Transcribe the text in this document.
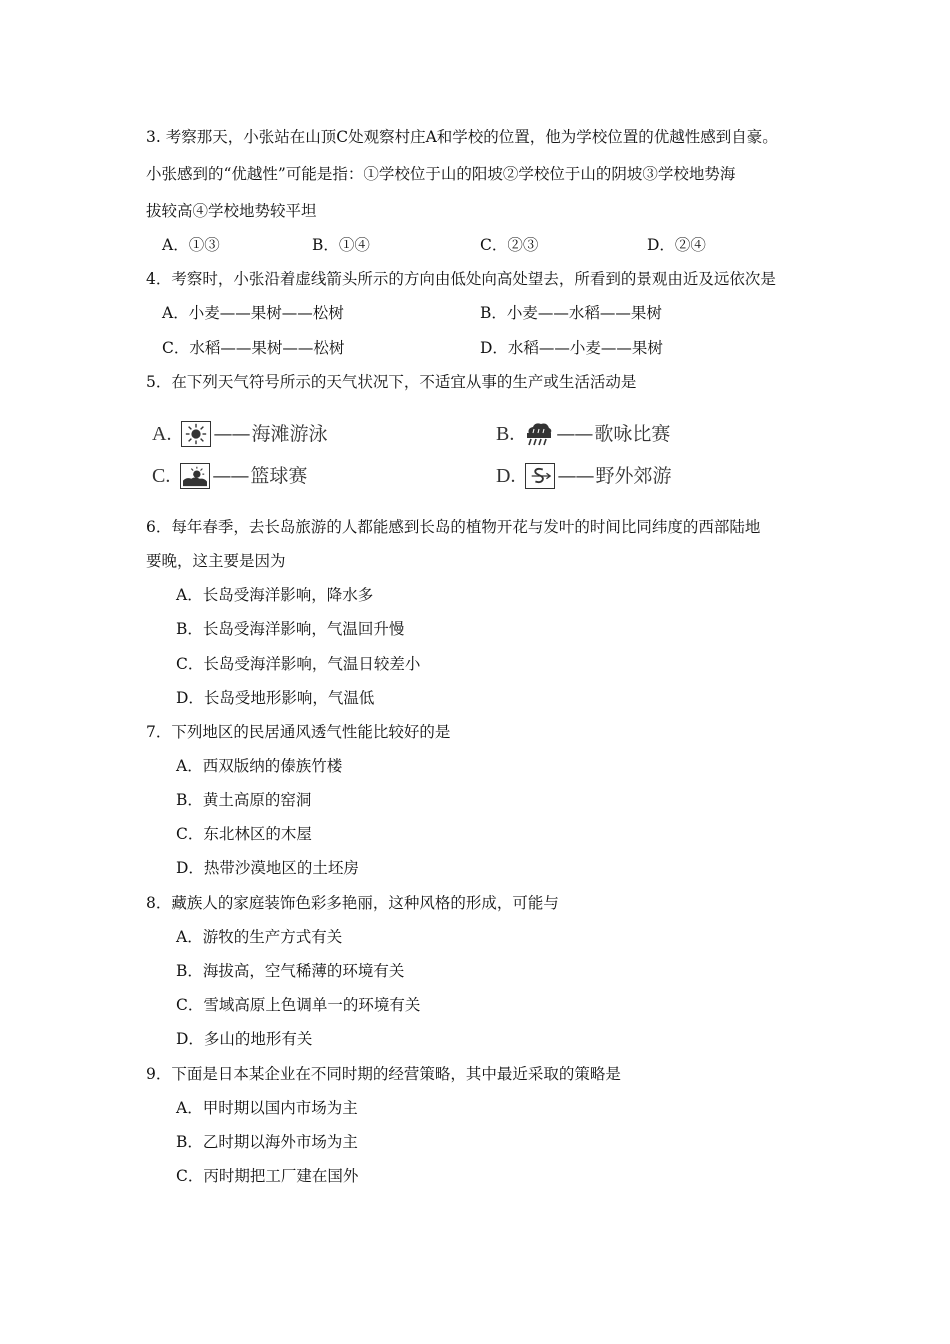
3. 考察那天，小张站在山顶C处观察村庄A和学校的位置，他为学校位置的优越性感到自豪。
小张感到的“优越性”可能是指：①学校位于山的阳坡②学校位于山的阴坡③学校地势海
拔较高④学校地势较平坦
A．①③	B．①④	C．②③	D．②④
4．考察时，小张沿着虚线箭头所示的方向由低处向高处望去，所看到的景观由近及远依次是
A．小麦——果树——松树	B．小麦——水稻——果树
C．水稻——果树——松树	D．水稻——小麦——果树
5．在下列天气符号所示的天气状况下，不适宜从事的生产或生活活动是
A. —— 海滩游泳	B. —— 歌咏比赛
C. —— 篮球赛	D. —— 野外郊游
6．每年春季，去长岛旅游的人都能感到长岛的植物开花与发叶的时间比同纬度的西部陆地
要晚，这主要是因为
A．长岛受海洋影响，降水多
B．长岛受海洋影响，气温回升慢
C．长岛受海洋影响，气温日较差小
D．长岛受地形影响，气温低
7．下列地区的民居通风透气性能比较好的是
A．西双版纳的傣族竹楼
B．黄土高原的窑洞
C．东北林区的木屋
D．热带沙漠地区的土坯房
8．藏族人的家庭装饰色彩多艳丽，这种风格的形成，可能与
A．游牧的生产方式有关
B．海拔高，空气稀薄的环境有关
C．雪域高原上色调单一的环境有关
D．多山的地形有关
9．下面是日本某企业在不同时期的经营策略，其中最近采取的策略是
A．甲时期以国内市场为主
B．乙时期以海外市场为主
C．丙时期把工厂建在国外
